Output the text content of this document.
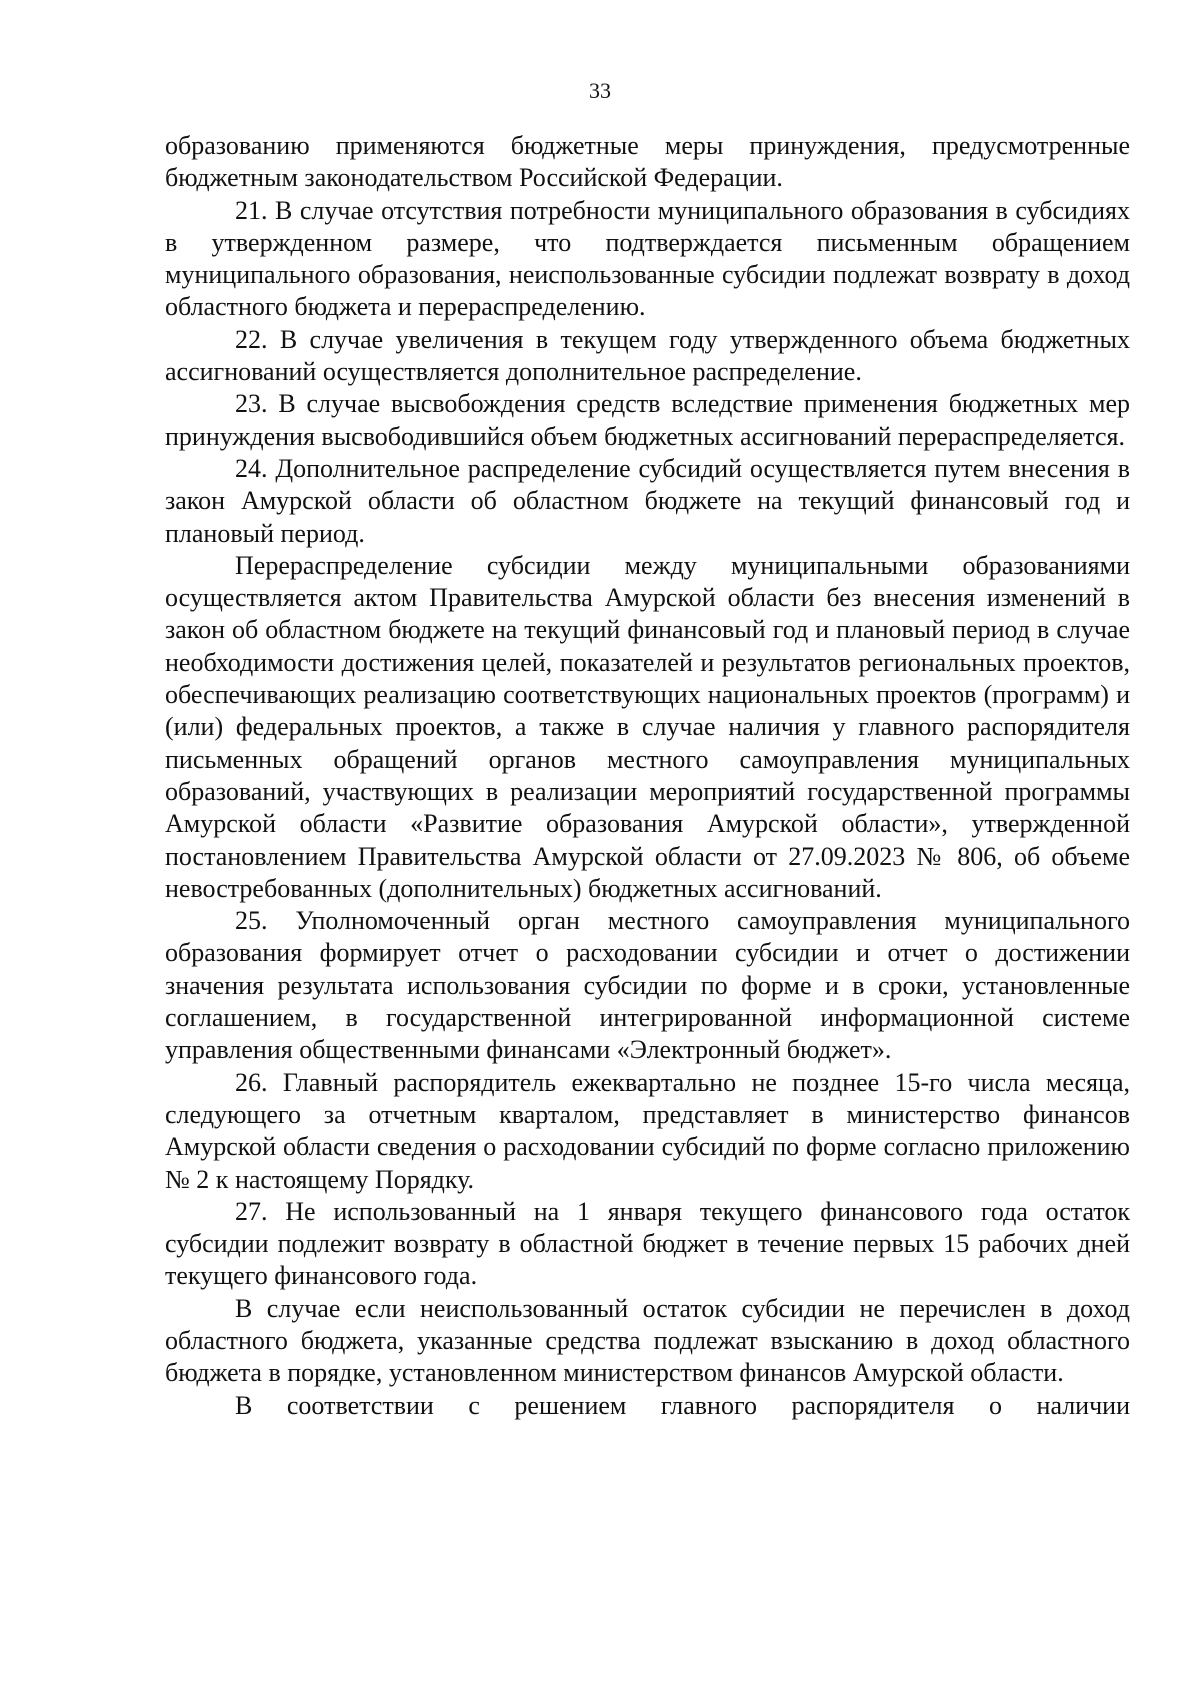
33

образованию применяются бюджетные меры принуждения, предусмотренные бюджетным законодательством Российской Федерации.

21. В случае отсутствия потребности муниципального образования в субсидиях в утвержденном размере, что подтверждается письменным обращением муниципального образования, неиспользованные субсидии подлежат возврату в доход областного бюджета и перераспределению.

22. В случае увеличения в текущем году утвержденного объема бюджетных ассигнований осуществляется дополнительное распределение.

23. В случае высвобождения средств вследствие применения бюджетных мер принуждения высвободившийся объем бюджетных ассигнований перераспределяется.

24. Дополнительное распределение субсидий осуществляется путем внесения в закон Амурской области об областном бюджете на текущий финансовый год и плановый период.

Перераспределение субсидии между муниципальными образованиями осуществляется актом Правительства Амурской области без внесения изменений в закон об областном бюджете на текущий финансовый год и плановый период в случае необходимости достижения целей, показателей и результатов региональных проектов, обеспечивающих реализацию соответствующих национальных проектов (программ) и (или) федеральных проектов, а также в случае наличия у главного распорядителя письменных обращений органов местного самоуправления муниципальных образований, участвующих в реализации мероприятий государственной программы Амурской области «Развитие образования Амурской области», утвержденной постановлением Правительства Амурской области от 27.09.2023 № 806, об объеме невостребованных (дополнительных) бюджетных ассигнований.

25. Уполномоченный орган местного самоуправления муниципального образования формирует отчет о расходовании субсидии и отчет о достижении значения результата использования субсидии по форме и в сроки, установленные соглашением, в государственной интегрированной информационной системе управления общественными финансами «Электронный бюджет».

26. Главный распорядитель ежеквартально не позднее 15-го числа месяца, следующего за отчетным кварталом, представляет в министерство финансов Амурской области сведения о расходовании субсидий по форме согласно приложению № 2 к настоящему Порядку.

27. Не использованный на 1 января текущего финансового года остаток субсидии подлежит возврату в областной бюджет в течение первых 15 рабочих дней текущего финансового года.

В случае если неиспользованный остаток субсидии не перечислен в доход областного бюджета, указанные средства подлежат взысканию в доход областного бюджета в порядке, установленном министерством финансов Амурской области.

В соответствии с решением главного распорядителя о наличии
